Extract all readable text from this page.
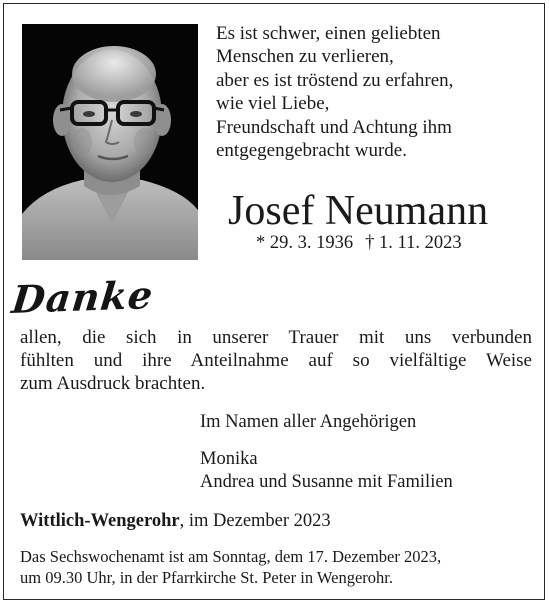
Es ist schwer, einen geliebten
Menschen zu verlieren,
aber es ist tröstend zu erfahren,
wie viel Liebe,
Freundschaft und Achtung ihm
entgegengebracht wurde.
Josef Neumann
* 29. 3. 1936 † 1. 11. 2023
Danke
allen, die sich in unserer Trauer mit uns verbunden
fühlten und ihre Anteilnahme auf so vielfältige Weise
zum Ausdruck brachten.
Im Namen aller Angehörigen
Monika
Andrea und Susanne mit Familien
Wittlich-Wengerohr, im Dezember 2023
Das Sechswochenamt ist am Sonntag, dem 17. Dezember 2023,
um 09.30 Uhr, in der Pfarrkirche St. Peter in Wengerohr.
